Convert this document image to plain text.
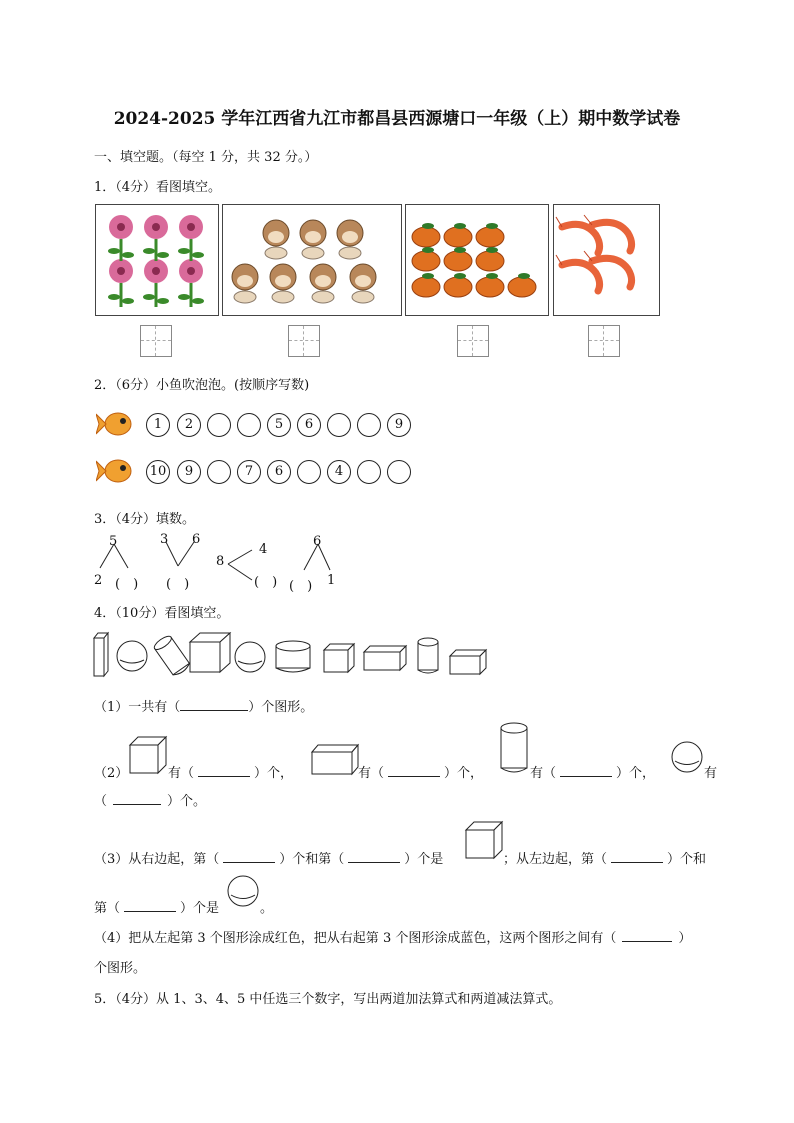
2024-2025 学年江西省九江市都昌县西源塘口一年级（上）期中数学试卷
一、填空题。（每空 1 分，共 32 分。）
1．（4分）看图填空。
2．（6分）小鱼吹泡泡。(按顺序写数)
1	2	5	6	9
10	9	7	6	4
3．（4分）填数。
5
2 (　)
3 6
(　)
8
4
(　)
6
(　) 1
4．（10分）看图填空。
（1）一共有（	）个图形。
（2）	有（	）个，	有（	）个，	有（	）个，	有
（	）个。
（3）从右边起，第（	）个和第（	）个是	；从左边起，第（	）个和
第（	）个是	。
（4）把从左起第 3 个图形涂成红色，把从右起第 3 个图形涂成蓝色，这两个图形之间有（	）
个图形。
5．（4分）从 1、3、4、5 中任选三个数字，写出两道加法算式和两道减法算式。
